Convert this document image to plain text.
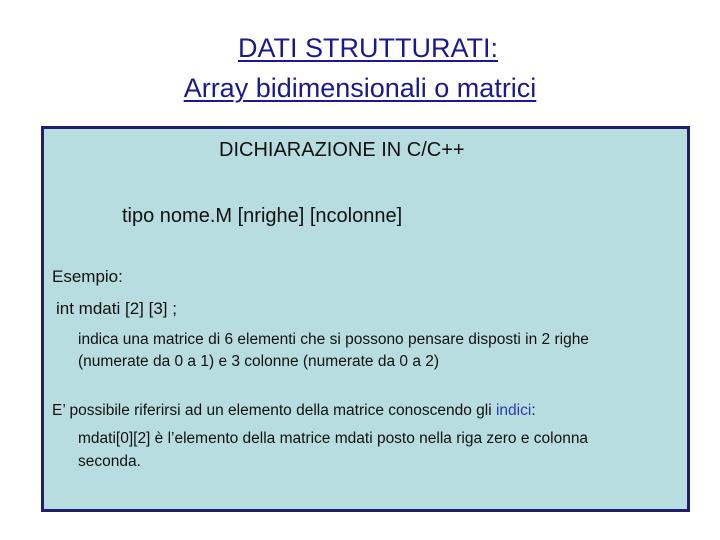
DATI STRUTTURATI:
Array bidimensionali o matrici
DICHIARAZIONE IN C/C++
tipo nome.M [nrighe] [ncolonne]
Esempio:
int mdati [2] [3] ;
indica una matrice di 6 elementi che si possono pensare disposti in 2 righe
(numerate da 0 a 1) e 3 colonne (numerate da 0 a 2)
E’ possibile riferirsi ad un elemento della matrice conoscendo gli indici:
mdati[0][2] è l’elemento della matrice mdati posto nella riga zero e colonna
seconda.
